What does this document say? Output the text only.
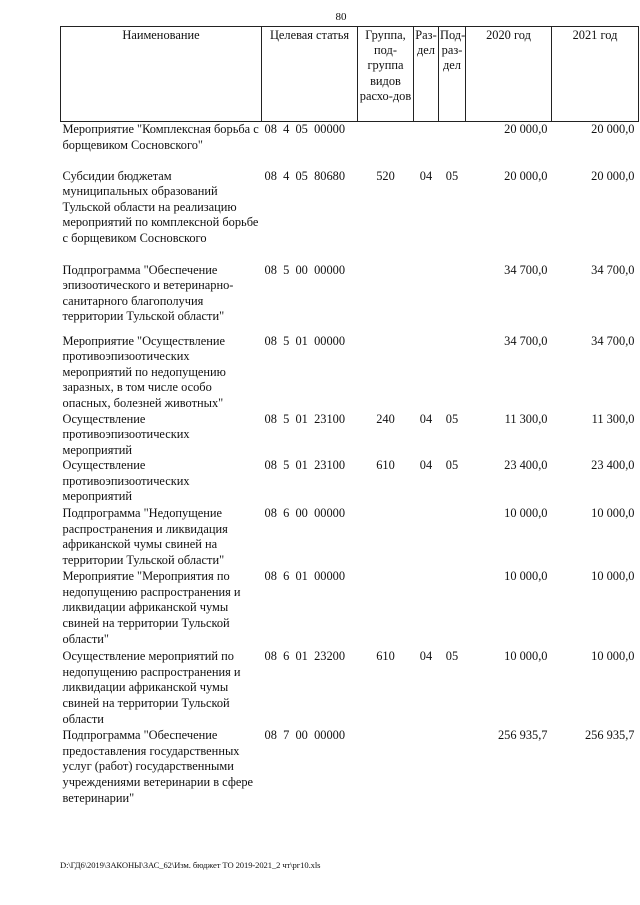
80
Наименование	Целевая статья	Группа, под-группа видов расхо-дов	Раз-дел	Под-раз-дел	2020 год	2021 год
Мероприятие "Комплексная борьба с борщевиком Сосновского"	08  4  05  00000				20 000,0	20 000,0
Субсидии бюджетам муниципальных образований Тульской области на реализацию мероприятий по комплексной борьбе с борщевиком Сосновского	08  4  05  80680	520	04	05	20 000,0	20 000,0
Подпрограмма "Обеспечение эпизоотического и ветеринарно-санитарного благополучия территории Тульской области"	08  5  00  00000				34 700,0	34 700,0
Мероприятие "Осуществление противоэпизоотических мероприятий по недопущению заразных, в том числе особо опасных, болезней животных"	08  5  01  00000				34 700,0	34 700,0
Осуществление противоэпизоотических мероприятий	08  5  01  23100	240	04	05	11 300,0	11 300,0
Осуществление противоэпизоотических мероприятий	08  5  01  23100	610	04	05	23 400,0	23 400,0
Подпрограмма "Недопущение распространения и ликвидация африканской чумы свиней на территории Тульской области"	08  6  00  00000				10 000,0	10 000,0
Мероприятие "Мероприятия по недопущению распространения и ликвидации африканской чумы свиней на территории Тульской области"	08  6  01  00000				10 000,0	10 000,0
Осуществление мероприятий по недопущению распространения и ликвидации африканской чумы свиней на территории Тульской области	08  6  01  23200	610	04	05	10 000,0	10 000,0
Подпрограмма "Обеспечение предоставления государственных услуг (работ) государственными учреждениями ветеринарии в сфере ветеринарии"	08  7  00  00000				256 935,7	256 935,7
D:\ГД6\2019\ЗАКОНЫ\ЗАС_62\Изм. бюджет ТО 2019-2021_2 чт\рг10.xls
